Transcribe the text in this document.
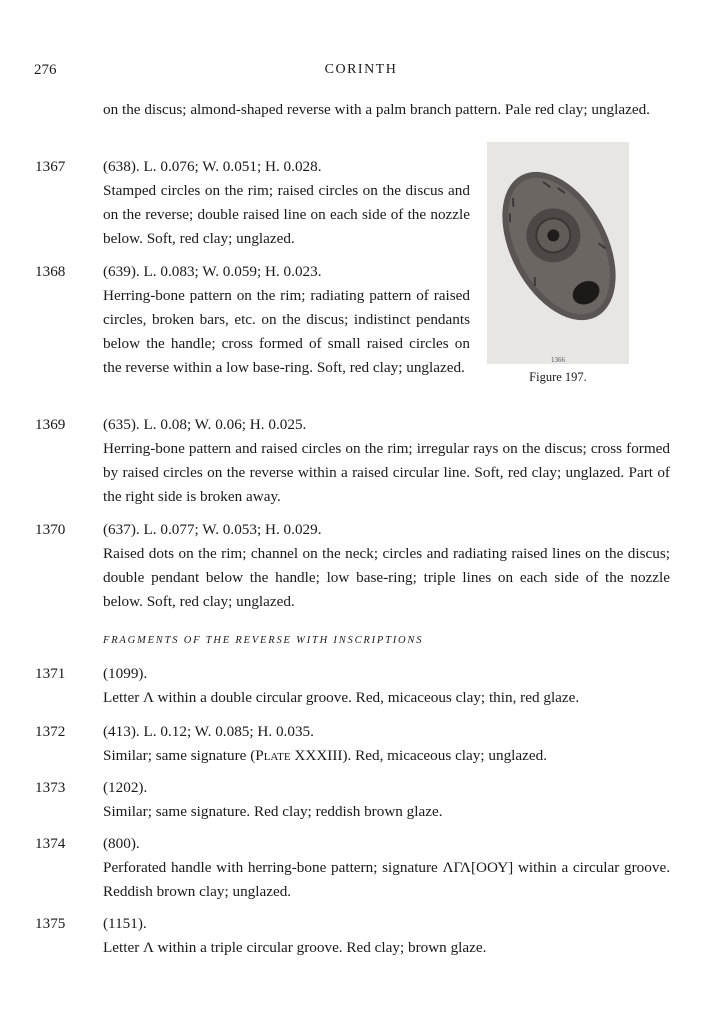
276	CORINTH
on the discus; almond-shaped reverse with a palm branch pattern. Pale red clay; unglazed.
1366
Figure 197.
1367 (638). L. 0.076; W. 0.051; H. 0.028.
Stamped circles on the rim; raised circles on the discus and on the reverse; double raised line on each side of the nozzle below. Soft, red clay; unglazed.
1368 (639). L. 0.083; W. 0.059; H. 0.023.
Herring-bone pattern on the rim; radiating pattern of raised circles, broken bars, etc. on the discus; indistinct pendants below the handle; cross formed of small raised circles on the reverse within a low base-ring. Soft, red clay; unglazed.
1369 (635). L. 0.08; W. 0.06; H. 0.025.
Herring-bone pattern and raised circles on the rim; irregular rays on the discus; cross formed by raised circles on the reverse within a raised circular line. Soft, red clay; unglazed. Part of the right side is broken away.
1370 (637). L. 0.077; W. 0.053; H. 0.029.
Raised dots on the rim; channel on the neck; circles and radiating raised lines on the discus; double pendant below the handle; low base-ring; triple lines on each side of the nozzle below. Soft, red clay; unglazed.
FRAGMENTS OF THE REVERSE WITH INSCRIPTIONS
1371 (1099).
Letter Λ within a double circular groove. Red, micaceous clay; thin, red glaze.
1372 (413). L. 0.12; W. 0.085; H. 0.035.
Similar; same signature (Plate XXXIII). Red, micaceous clay; unglazed.
1373 (1202).
Similar; same signature. Red clay; reddish brown glaze.
1374 (800).
Perforated handle with herring-bone pattern; signature ΛΓΛ[ΟΟΥ] within a circular groove. Reddish brown clay; unglazed.
1375 (1151).
Letter Λ within a triple circular groove. Red clay; brown glaze.
